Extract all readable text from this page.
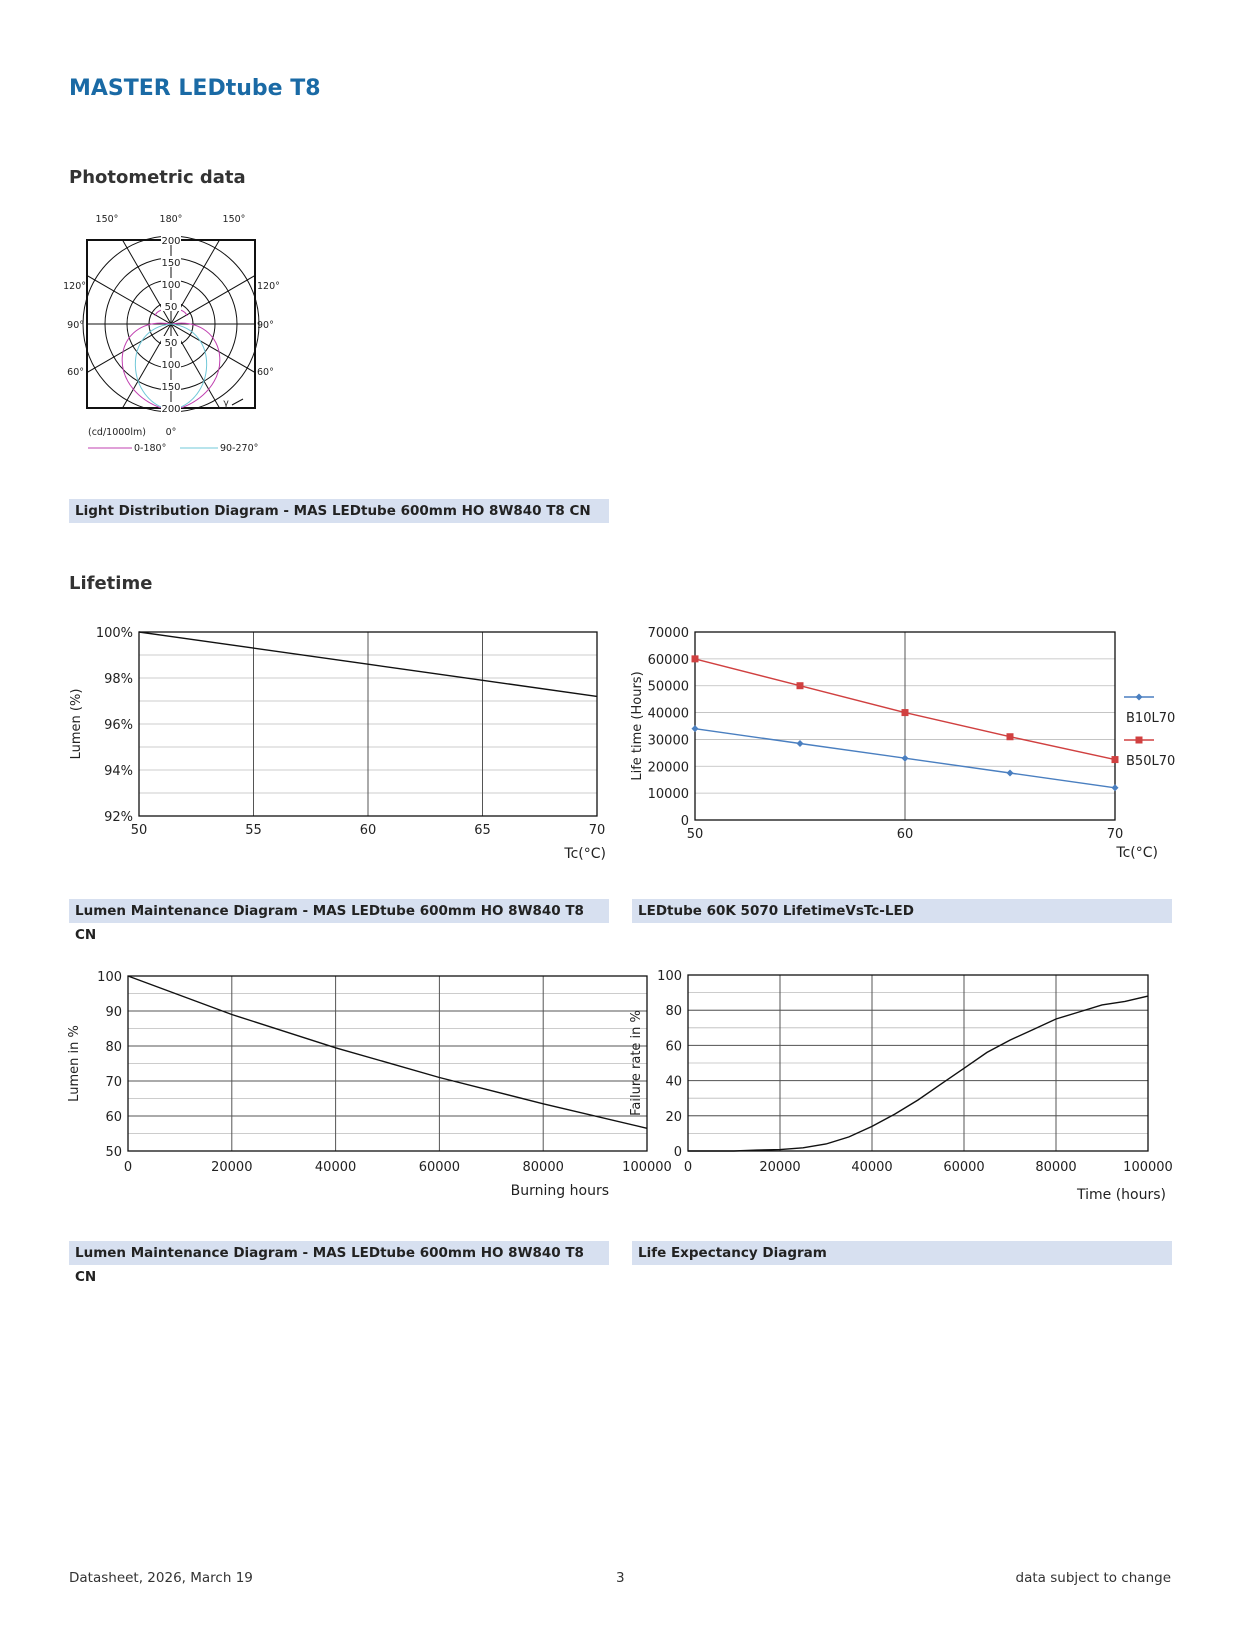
MASTER LEDtube T8
Photometric data
200
200
150
150
100
100
50
50
150°	180°	150°
120°
90°
60°
120°
90°
60°
0°
γ
(cd/1000lm)
0-180°	90-270°
Light Distribution Diagram - MAS LEDtube 600mm HO 8W840 T8 CN
Lifetime
50	55	60	65	70
100%
98%
96%
94%
92%
Lumen (%)
Tc(°C)
Lumen Maintenance Diagram - MAS LEDtube 600mm HO 8W840 T8 CN
50	60	70
70000
60000
50000
40000
30000
20000
10000
0
Life time (Hours)
Tc(°C)
B10L70
B50L70
LEDtube 60K 5070 LifetimeVsTc-LED
0	20000	40000	60000	80000	100000
100
90
80
70
60
50
Lumen in %
Burning hours
Lumen Maintenance Diagram - MAS LEDtube 600mm HO 8W840 T8 CN
0	20000	40000	60000	80000	100000
100
80
60
40
20
0
Failure rate in %
Time (hours)
Life Expectancy Diagram
Datasheet, 2026, March 19	3	data subject to change
